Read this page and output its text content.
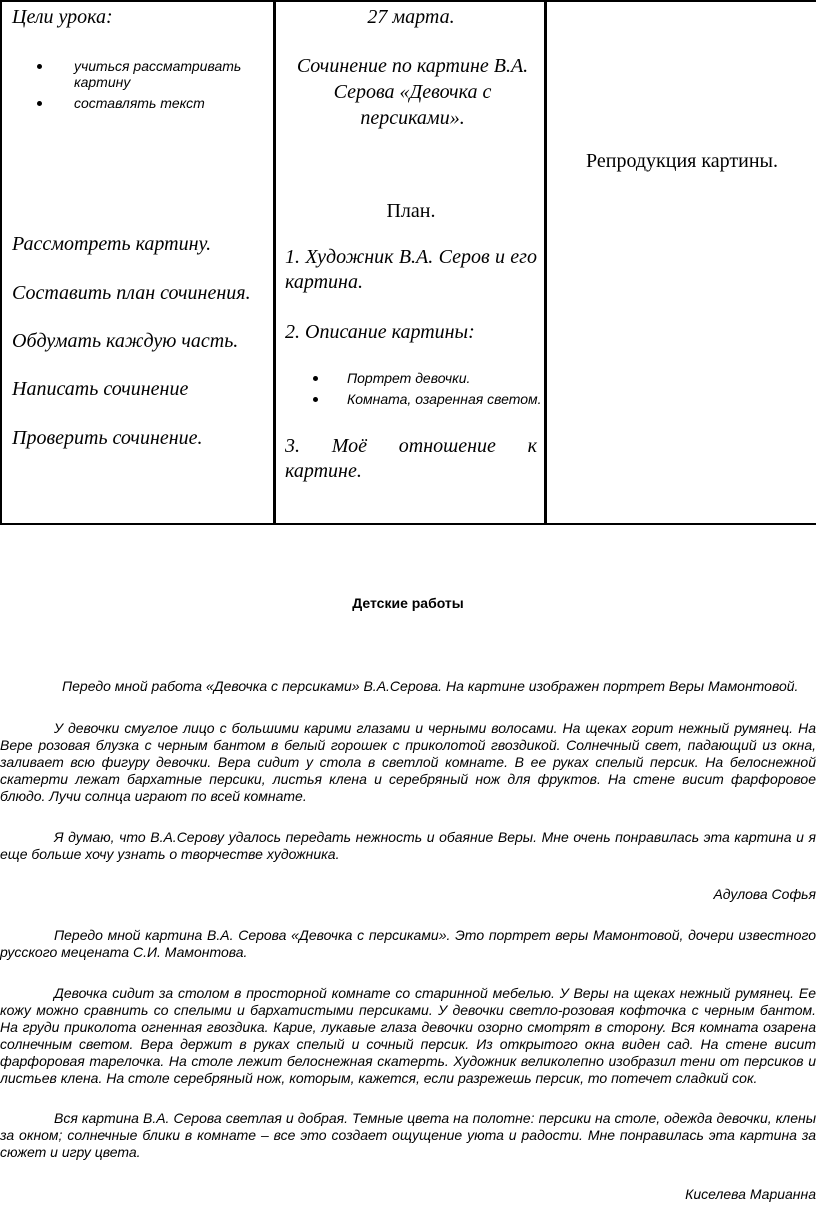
Цели урока:
учиться рассматривать картину
составлять текст
Рассмотреть картину.
Составить план сочинения.
Обдумать каждую часть.
Написать сочинение
Проверить сочинение.
27 марта.
Сочинение по картине В.А. Серова «Девочка с персиками».
План.
1. Художник В.А. Серов и его картина.
2. Описание картины:
Портрет девочки.
Комната, озаренная светом.
3. Моё отношение к картине.
Репродукция картины.
Детские работы
Передо мной работа «Девочка с персиками» В.А.Серова. На картине изображен портрет Веры Мамонтовой.
У девочки смуглое лицо с большими карими глазами и черными волосами. На щеках горит нежный румянец. На Вере розовая блузка с черным бантом в белый горошек с приколотой гвоздикой. Солнечный свет, падающий из окна, заливает всю фигуру девочки. Вера сидит у стола в светлой комнате. В ее руках спелый персик. На белоснежной скатерти лежат бархатные персики, листья клена и серебряный нож для фруктов. На стене висит фарфоровое блюдо. Лучи солнца играют по всей комнате.
Я думаю, что В.А.Серову удалось передать нежность и обаяние Веры. Мне очень понравилась эта картина и я еще больше хочу узнать о творчестве художника.
Адулова Софья
Передо мной картина В.А. Серова «Девочка с персиками». Это портрет веры Мамонтовой, дочери известного русского мецената С.И. Мамонтова.
Девочка сидит за столом в просторной комнате со старинной мебелью. У Веры на щеках нежный румянец. Ее кожу можно сравнить со спелыми и бархатистыми персиками. У девочки светло-розовая кофточка с черным бантом. На груди приколота огненная гвоздика. Карие, лукавые глаза девочки озорно смотрят в сторону. Вся комната озарена солнечным светом. Вера держит в руках спелый и сочный персик. Из открытого окна виден сад. На стене висит фарфоровая тарелочка. На столе лежит белоснежная скатерть. Художник великолепно изобразил тени от персиков и листьев клена. На столе серебряный нож, которым, кажется, если разрежешь персик, то потечет сладкий сок.
Вся картина В.А. Серова светлая и добрая. Темные цвета на полотне: персики на столе, одежда девочки, клены за окном; солнечные блики в комнате – все это создает ощущение уюта и радости. Мне понравилась эта картина за сюжет и игру цвета.
Киселева Марианна
